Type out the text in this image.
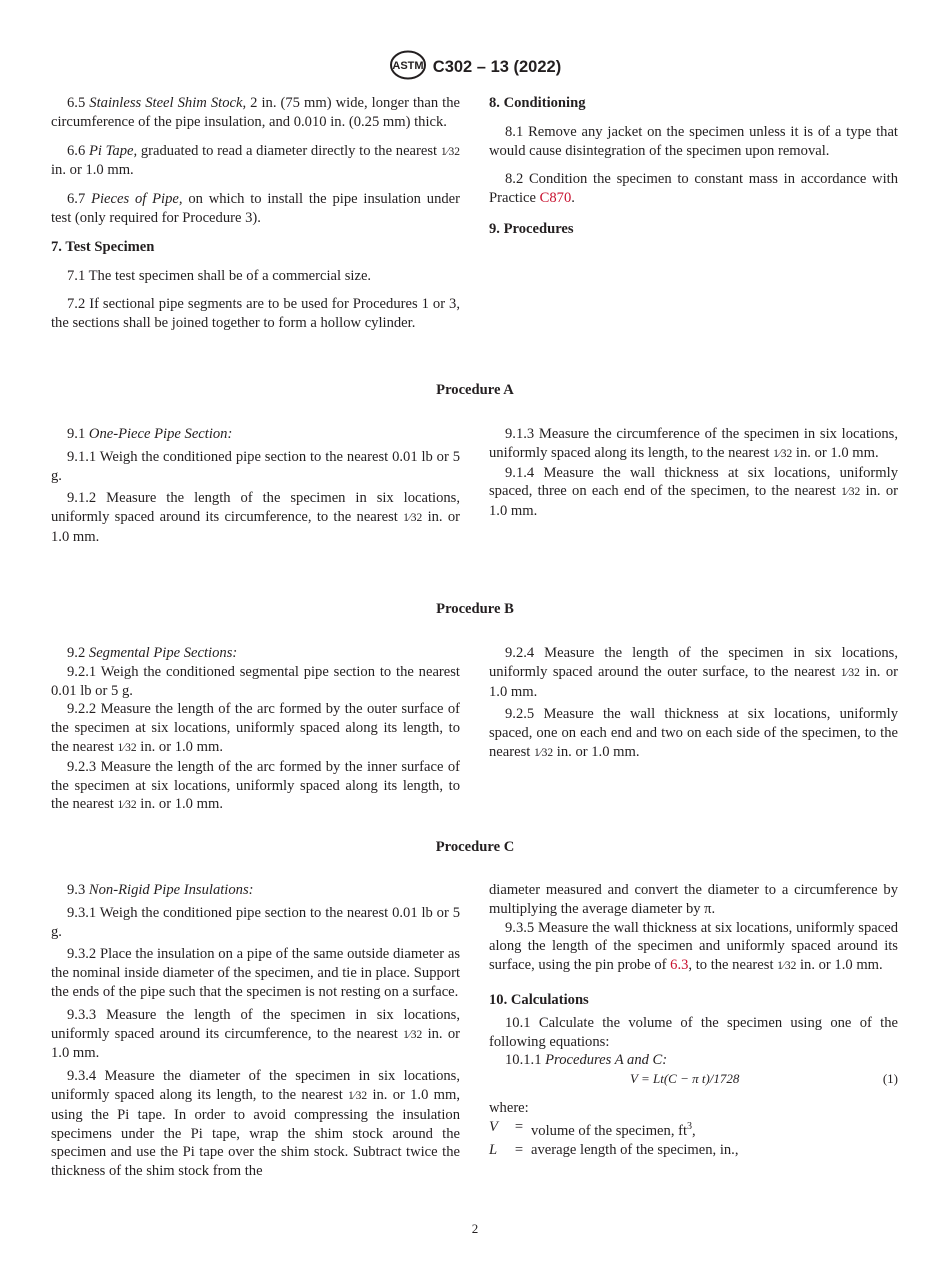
ASTM C302 – 13 (2022)

6.5 Stainless Steel Shim Stock, 2 in. (75 mm) wide, longer than the circumference of the pipe insulation, and 0.010 in. (0.25 mm) thick.

6.6 Pi Tape, graduated to read a diameter directly to the nearest 1⁄32 in. or 1.0 mm.

6.7 Pieces of Pipe, on which to install the pipe insulation under test (only required for Procedure 3).

7. Test Specimen

7.1 The test specimen shall be of a commercial size.

7.2 If sectional pipe segments are to be used for Procedures 1 or 3, the sections shall be joined together to form a hollow cylinder.

8. Conditioning

8.1 Remove any jacket on the specimen unless it is of a type that would cause disintegration of the specimen upon removal.

8.2 Condition the specimen to constant mass in accordance with Practice C870.

9. Procedures

Procedure A

9.1 One-Piece Pipe Section:

9.1.1 Weigh the conditioned pipe section to the nearest 0.01 lb or 5 g.

9.1.2 Measure the length of the specimen in six locations, uniformly spaced around its circumference, to the nearest 1⁄32 in. or 1.0 mm.

9.1.3 Measure the circumference of the specimen in six locations, uniformly spaced along its length, to the nearest 1⁄32 in. or 1.0 mm.

9.1.4 Measure the wall thickness at six locations, uniformly spaced, three on each end of the specimen, to the nearest 1⁄32 in. or 1.0 mm.

Procedure B

9.2 Segmental Pipe Sections:

9.2.1 Weigh the conditioned segmental pipe section to the nearest 0.01 lb or 5 g.

9.2.2 Measure the length of the arc formed by the outer surface of the specimen at six locations, uniformly spaced along its length, to the nearest 1⁄32 in. or 1.0 mm.

9.2.3 Measure the length of the arc formed by the inner surface of the specimen at six locations, uniformly spaced along its length, to the nearest 1⁄32 in. or 1.0 mm.

9.2.4 Measure the length of the specimen in six locations, uniformly spaced around the outer surface, to the nearest 1⁄32 in. or 1.0 mm.

9.2.5 Measure the wall thickness at six locations, uniformly spaced, one on each end and two on each side of the specimen, to the nearest 1⁄32 in. or 1.0 mm.

Procedure C

9.3 Non-Rigid Pipe Insulations:

9.3.1 Weigh the conditioned pipe section to the nearest 0.01 lb or 5 g.

9.3.2 Place the insulation on a pipe of the same outside diameter as the nominal inside diameter of the specimen, and tie in place. Support the ends of the pipe such that the specimen is not resting on a surface.

9.3.3 Measure the length of the specimen in six locations, uniformly spaced around its circumference, to the nearest 1⁄32 in. or 1.0 mm.

9.3.4 Measure the diameter of the specimen in six locations, uniformly spaced along its length, to the nearest 1⁄32 in. or 1.0 mm, using the Pi tape. In order to avoid compressing the insulation specimens under the Pi tape, wrap the shim stock around the specimen and use the Pi tape over the shim stock. Subtract twice the thickness of the shim stock from the

diameter measured and convert the diameter to a circumference by multiplying the average diameter by π.

9.3.5 Measure the wall thickness at six locations, uniformly spaced along the length of the specimen and uniformly spaced around its surface, using the pin probe of 6.3, to the nearest 1⁄32 in. or 1.0 mm.

10. Calculations

10.1 Calculate the volume of the specimen using one of the following equations:

10.1.1 Procedures A and C:

V = Lt(C − π t)/1728	(1)

where:

V	= volume of the specimen, $ft^3$,
L	= average length of the specimen, in.,
2
